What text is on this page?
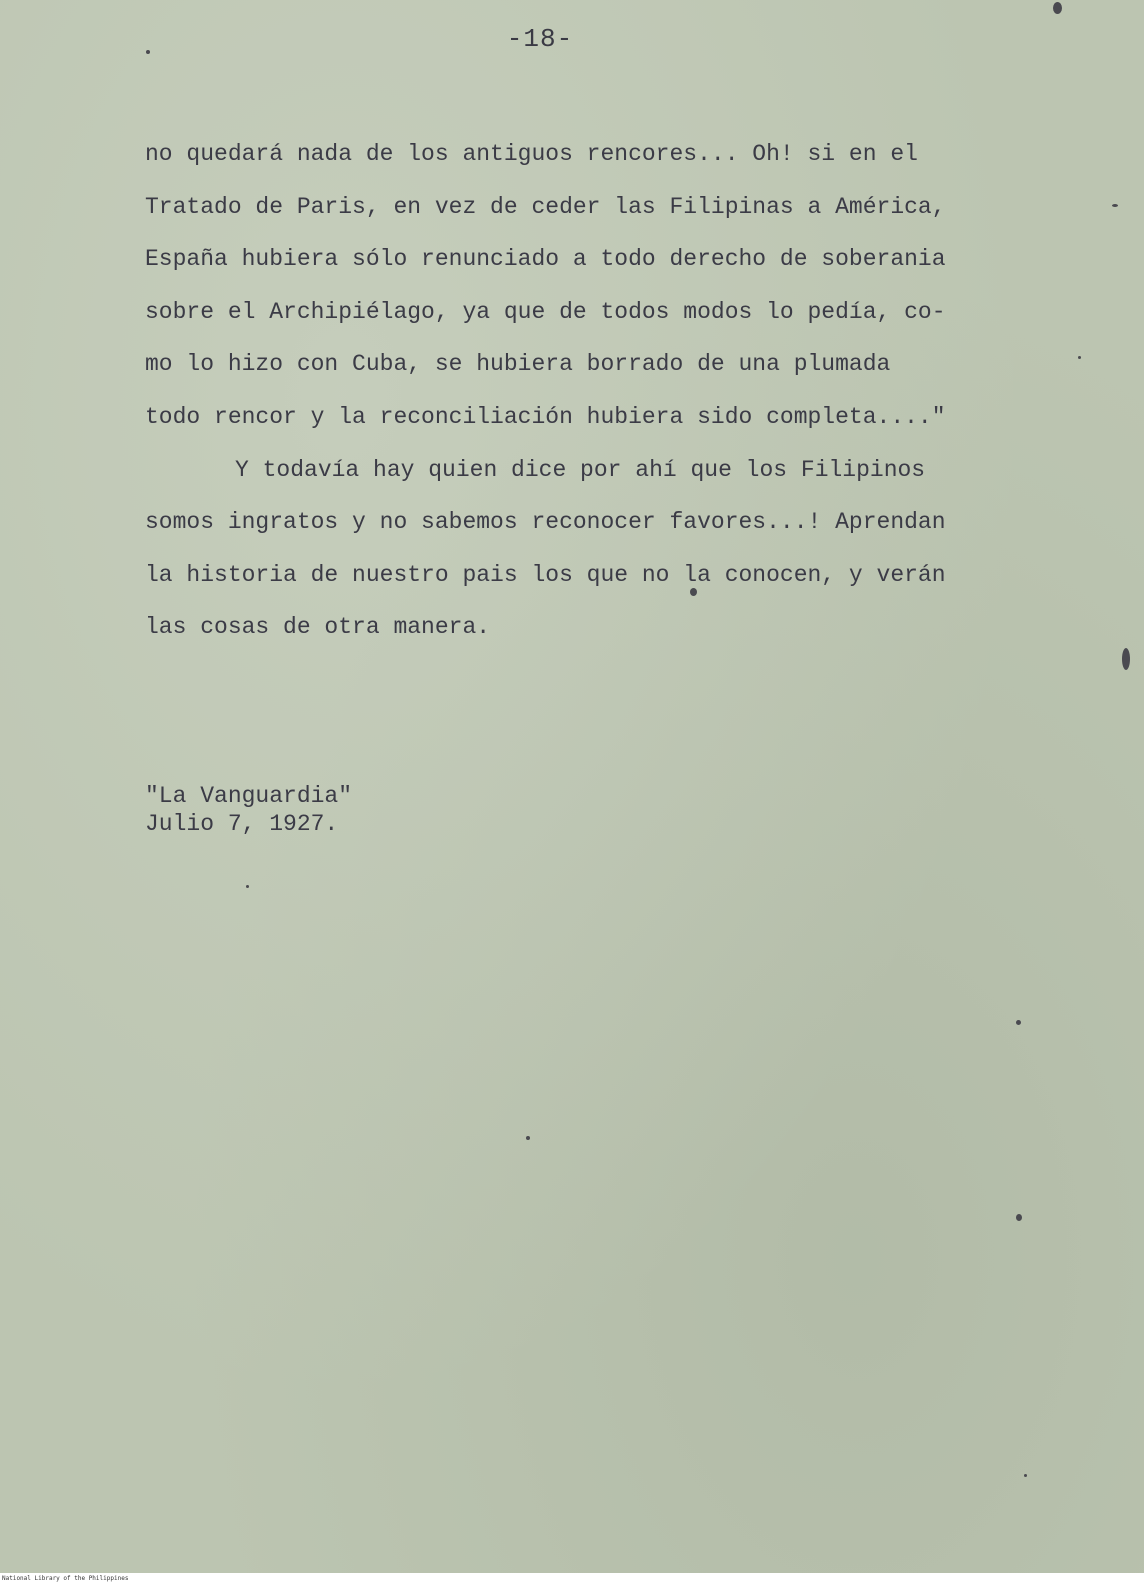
-18-
no quedará nada de los antiguos rencores... Oh! si en el
Tratado de Paris, en vez de ceder las Filipinas a América,
España hubiera sólo renunciado a todo derecho de soberania
sobre el Archipiélago, ya que de todos modos lo pedía, co-
mo lo hizo con Cuba, se hubiera borrado de una plumada
todo rencor y la reconciliación hubiera sido completa...."
Y todavía hay quien dice por ahí que los Filipinos
somos ingratos y no sabemos reconocer favores...! Aprendan
la historia de nuestro pais los que no la conocen, y verán
las cosas de otra manera.
"La Vanguardia"
Julio 7, 1927.
National Library of the Philippines
